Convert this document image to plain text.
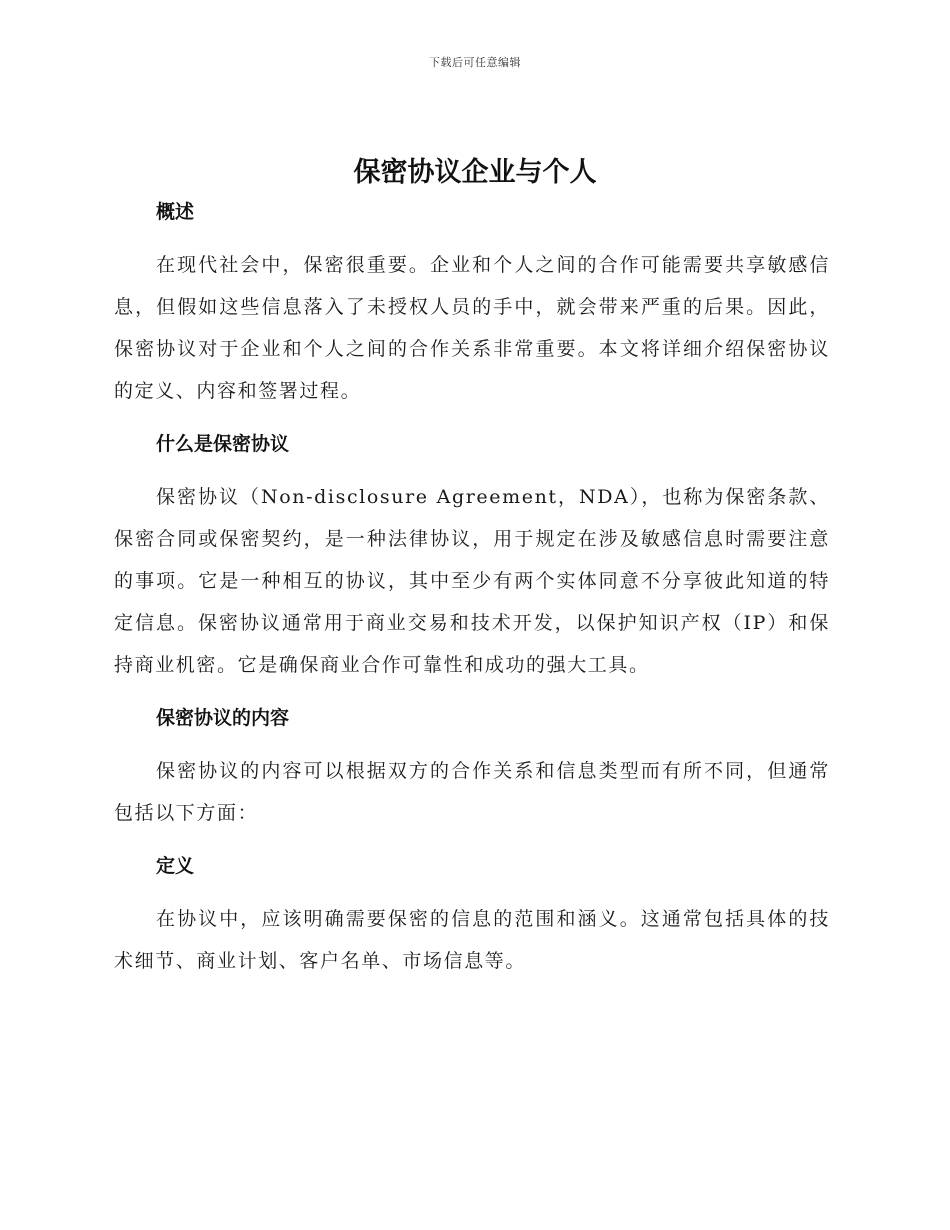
下载后可任意编辑
保密协议企业与个人
概述

在现代社会中，保密很重要。企业和个人之间的合作可能需要共享敏感信息，但假如这些信息落入了未授权人员的手中，就会带来严重的后果。因此，保密协议对于企业和个人之间的合作关系非常重要。本文将详细介绍保密协议的定义、内容和签署过程。

什么是保密协议

保密协议（Non-disclosure Agreement，NDA），也称为保密条款、保密合同或保密契约，是一种法律协议，用于规定在涉及敏感信息时需要注意的事项。它是一种相互的协议，其中至少有两个实体同意不分享彼此知道的特定信息。保密协议通常用于商业交易和技术开发，以保护知识产权（IP）和保持商业机密。它是确保商业合作可靠性和成功的强大工具。

保密协议的内容

保密协议的内容可以根据双方的合作关系和信息类型而有所不同，但通常包括以下方面：

定义

在协议中，应该明确需要保密的信息的范围和涵义。这通常包括具体的技术细节、商业计划、客户名单、市场信息等。
